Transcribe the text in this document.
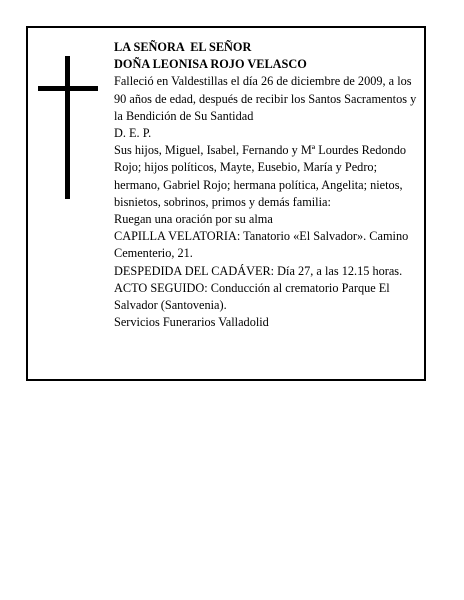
LA SEÑORA  EL SEÑOR

DOÑA LEONISA ROJO VELASCO

Falleció en Valdestillas el día 26 de diciembre de 2009, a los 90 años de edad, después de recibir los Santos Sacramentos y la Bendición de Su Santidad

D. E. P.

Sus hijos, Miguel, Isabel, Fernando y Mª Lourdes Redondo Rojo; hijos políticos, Mayte, Eusebio, María y Pedro; hermano, Gabriel Rojo; hermana política, Angelita; nietos, bisnietos, sobrinos, primos y demás familia:

Ruegan una oración por su alma

CAPILLA VELATORIA: Tanatorio «El Salvador». Camino Cementerio, 21.

DESPEDIDA DEL CADÁVER: Día 27, a las 12.15 horas.

ACTO SEGUIDO: Conducción al crematorio Parque El Salvador (Santovenia).

Servicios Funerarios Valladolid
